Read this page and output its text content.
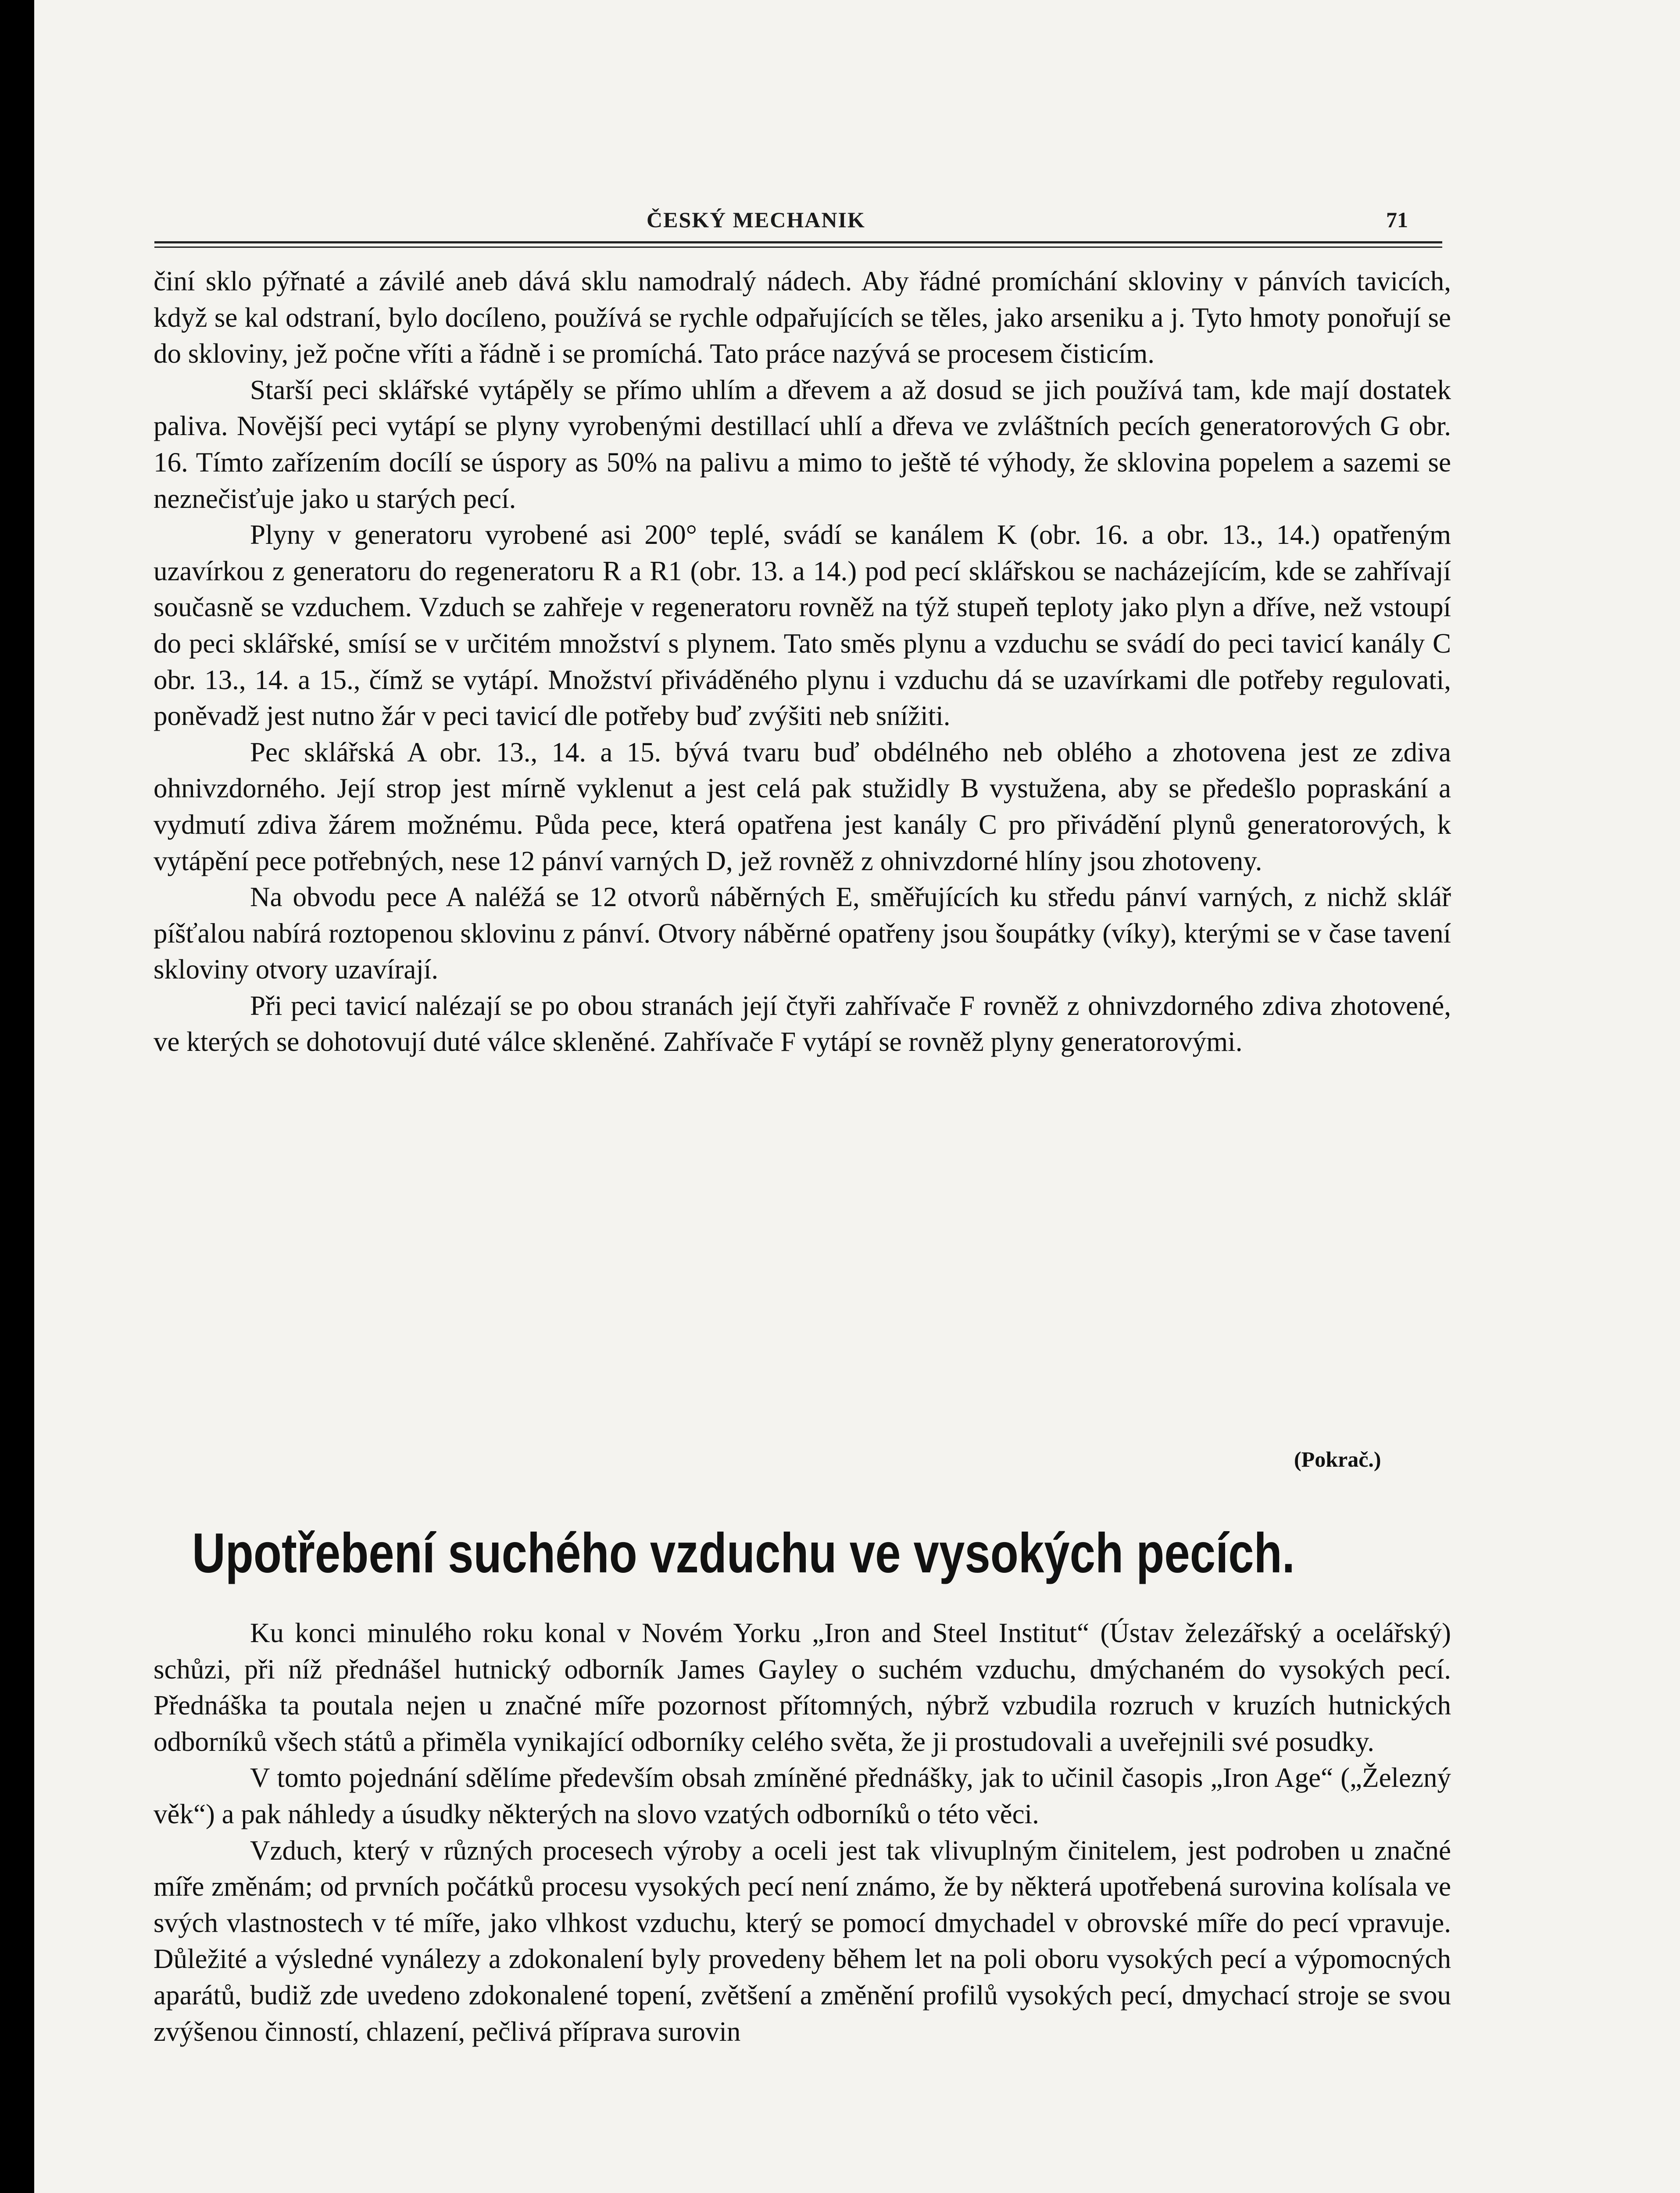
ČESKÝ MECHANIK	71

činí sklo pýřnaté a závilé aneb dává sklu namodralý nádech. Aby řádné promíchání skloviny v pánvích tavicích, když se kal odstraní, bylo docíleno, používá se rychle odpařujících se těles, jako arseniku a j. Tyto hmoty ponořují se do skloviny, jež počne vříti a řádně i se promíchá. Tato práce nazývá se procesem čisticím.

Starší peci sklářské vytápěly se přímo uhlím a dřevem a až dosud se jich používá tam, kde mají dostatek paliva. Novější peci vytápí se plyny vyrobenými destillací uhlí a dřeva ve zvláštních pecích generatorových G obr. 16. Tímto zařízením docílí se úspory as 50% na palivu a mimo to ještě té výhody, že sklovina popelem a sazemi se neznečisťuje jako u starých pecí.

Plyny v generatoru vyrobené asi 200° teplé, svádí se kanálem K (obr. 16. a obr. 13., 14.) opatřeným uzavírkou z generatoru do regeneratoru R a R1 (obr. 13. a 14.) pod pecí sklářskou se nacházejícím, kde se zahřívají současně se vzduchem. Vzduch se zahřeje v regeneratoru rovněž na týž stupeň teploty jako plyn a dříve, než vstoupí do peci sklářské, smísí se v určitém množství s plynem. Tato směs plynu a vzduchu se svádí do peci tavicí kanály C obr. 13., 14. a 15., čímž se vytápí. Množství přiváděného plynu i vzduchu dá se uzavírkami dle potřeby regulovati, poněvadž jest nutno žár v peci tavicí dle potřeby buď zvýšiti neb snížiti.

Pec sklářská A obr. 13., 14. a 15. bývá tvaru buď obdélného neb oblého a zhotovena jest ze zdiva ohnivzdorného. Její strop jest mírně vyklenut a jest celá pak stužidly B vystužena, aby se předešlo popraskání a vydmutí zdiva žárem možnému. Půda pece, která opatřena jest kanály C pro přivádění plynů generatorových, k vytápění pece potřebných, nese 12 pánví varných D, jež rovněž z ohnivzdorné hlíny jsou zhotoveny.

Na obvodu pece A naléžá se 12 otvorů náběrných E, směřujících ku středu pánví varných, z nichž sklář píšťalou nabírá roztopenou sklovinu z pánví. Otvory náběrné opatřeny jsou šoupátky (víky), kterými se v čase tavení skloviny otvory uzavírají.

Při peci tavicí nalézají se po obou stranách její čtyři zahřívače F rovněž z ohnivzdorného zdiva zhotovené, ve kterých se dohotovují duté válce skleněné. Zahřívače F vytápí se rovněž plyny generatorovými.

(Pokrač.)
Upotřebení suchého vzduchu ve vysokých pecích.

Ku konci minulého roku konal v Novém Yorku „Iron and Steel Institut“ (Ústav železářský a ocelářský) schůzi, při níž přednášel hutnický odborník James Gayley o suchém vzduchu, dmýchaném do vysokých pecí. Přednáška ta poutala nejen u značné míře pozornost přítomných, nýbrž vzbudila rozruch v kruzích hutnických odborníků všech států a přiměla vynikající odborníky celého světa, že ji prostudovali a uveřejnili své posudky.

V tomto pojednání sdělíme především obsah zmíněné přednášky, jak to učinil časopis „Iron Age“ („Železný věk“) a pak náhledy a úsudky některých na slovo vzatých odborníků o této věci.

Vzduch, který v různých procesech výroby a oceli jest tak vlivuplným činitelem, jest podroben u značné míře změnám; od prvních počátků procesu vysokých pecí není známo, že by některá upotřebená surovina kolísala ve svých vlastnostech v té míře, jako vlhkost vzduchu, který se pomocí dmychadel v obrovské míře do pecí vpravuje. Důležité a výsledné vynálezy a zdokonalení byly provedeny během let na poli oboru vysokých pecí a výpomocných aparátů, budiž zde uvedeno zdokonalené topení, zvětšení a změnění profilů vysokých pecí, dmychací stroje se svou zvýšenou činností, chlazení, pečlivá příprava surovin
